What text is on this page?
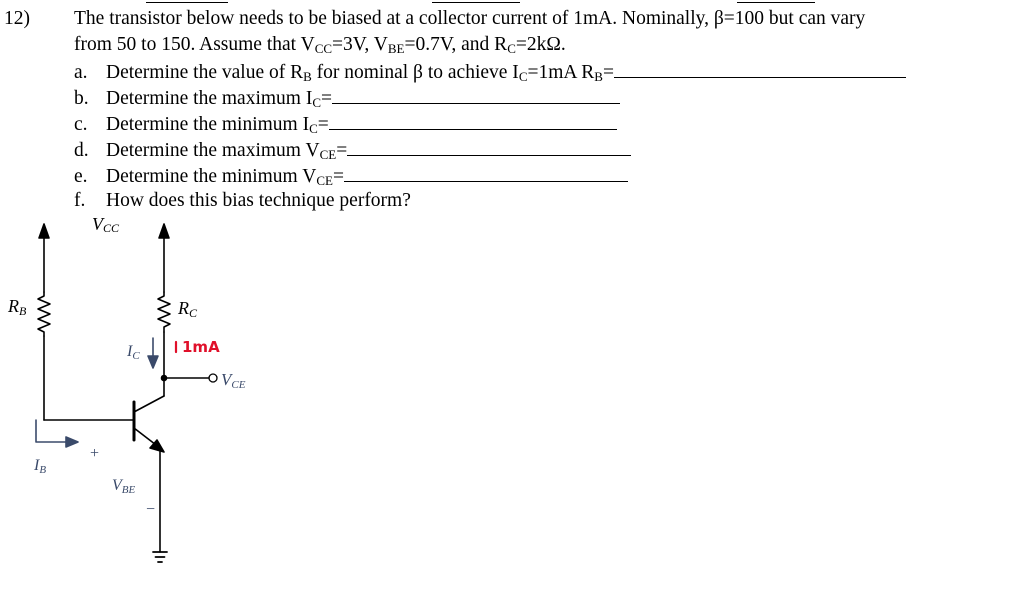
12) The transistor below needs to be biased at a collector current of 1mA. Nominally, β=100 but can vary
from 50 to 150. Assume that $V_{CC}=3V$, $V_{BE}=0.7V$, and $R_C=2k\Omega$.
a. Determine the value of $R_B$ for nominal β to achieve $I_C=1mA$ $R_B=$
b. Determine the maximum $I_C=$
c. Determine the minimum $I_C=$
d. Determine the maximum $V_{CE}=$
e. Determine the minimum $V_{CE}=$
f. How does this bias technique perform?
VCC
RB	RC
IC	1mA
VCE
IB
+
VBE
−
